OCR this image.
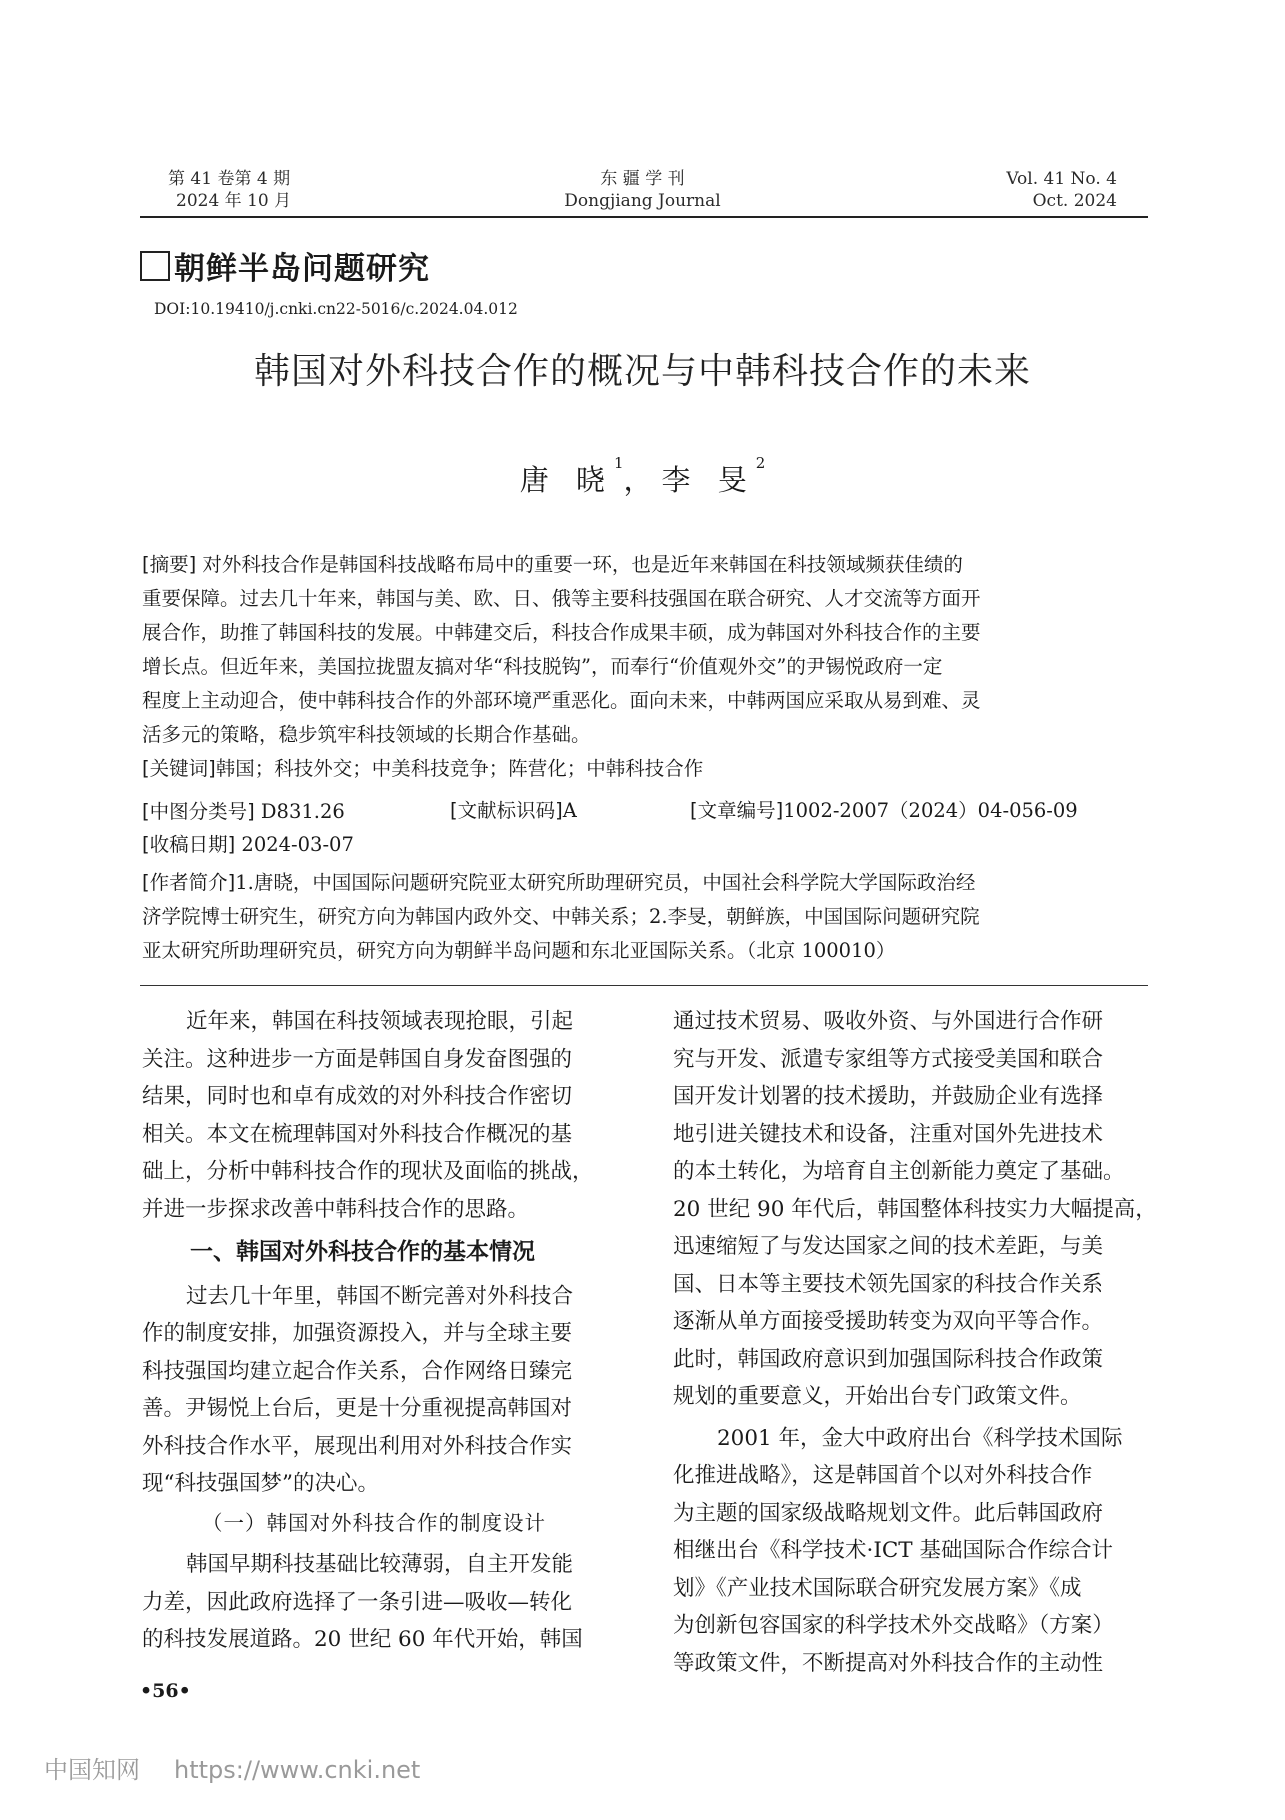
第 41 卷第 4 期
2024 年 10 月
东 疆 学 刊
Dongjiang Journal
Vol. 41 No. 4
Oct. 2024
朝鲜半岛问题研究
DOI:10.19410/j.cnki.cn22-5016/c.2024.04.012
韩国对外科技合作的概况与中韩科技合作的未来
唐 晓$^1$，李 旻$^2$
[摘要] 对外科技合作是韩国科技战略布局中的重要一环，也是近年来韩国在科技领域频获佳绩的
重要保障。过去几十年来，韩国与美、欧、日、俄等主要科技强国在联合研究、人才交流等方面开
展合作，助推了韩国科技的发展。中韩建交后，科技合作成果丰硕，成为韩国对外科技合作的主要
增长点。但近年来，美国拉拢盟友搞对华“科技脱钩”，而奉行“价值观外交”的尹锡悦政府一定
程度上主动迎合，使中韩科技合作的外部环境严重恶化。面向未来，中韩两国应采取从易到难、灵
活多元的策略，稳步筑牢科技领域的长期合作基础。
[关键词]韩国；科技外交；中美科技竞争；阵营化；中韩科技合作
[中图分类号] D831.26	[文献标识码]A	[文章编号]1002-2007（2024）04-056-09
[收稿日期] 2024-03-07
[作者简介]1.唐晓，中国国际问题研究院亚太研究所助理研究员，中国社会科学院大学国际政治经
济学院博士研究生，研究方向为韩国内政外交、中韩关系；2.李旻，朝鲜族，中国国际问题研究院
亚太研究所助理研究员，研究方向为朝鲜半岛问题和东北亚国际关系。（北京 100010）
近年来，韩国在科技领域表现抢眼，引起
关注。这种进步一方面是韩国自身发奋图强的
结果，同时也和卓有成效的对外科技合作密切
相关。本文在梳理韩国对外科技合作概况的基
础上，分析中韩科技合作的现状及面临的挑战，
并进一步探求改善中韩科技合作的思路。
一、韩国对外科技合作的基本情况
过去几十年里，韩国不断完善对外科技合
作的制度安排，加强资源投入，并与全球主要
科技强国均建立起合作关系，合作网络日臻完
善。尹锡悦上台后，更是十分重视提高韩国对
外科技合作水平，展现出利用对外科技合作实
现“科技强国梦”的决心。
（一）韩国对外科技合作的制度设计
韩国早期科技基础比较薄弱，自主开发能
力差，因此政府选择了一条引进—吸收—转化
的科技发展道路。20 世纪 60 年代开始，韩国
通过技术贸易、吸收外资、与外国进行合作研
究与开发、派遣专家组等方式接受美国和联合
国开发计划署的技术援助，并鼓励企业有选择
地引进关键技术和设备，注重对国外先进技术
的本土转化，为培育自主创新能力奠定了基础。
20 世纪 90 年代后，韩国整体科技实力大幅提高，
迅速缩短了与发达国家之间的技术差距，与美
国、日本等主要技术领先国家的科技合作关系
逐渐从单方面接受援助转变为双向平等合作。
此时，韩国政府意识到加强国际科技合作政策
规划的重要意义，开始出台专门政策文件。
2001 年，金大中政府出台《科学技术国际
化推进战略》，这是韩国首个以对外科技合作
为主题的国家级战略规划文件。此后韩国政府
相继出台《科学技术·ICT 基础国际合作综合计
划》《产业技术国际联合研究发展方案》《成
为创新包容国家的科学技术外交战略》（方案）
等政策文件，不断提高对外科技合作的主动性
•56•
中国知网 https://www.cnki.net
